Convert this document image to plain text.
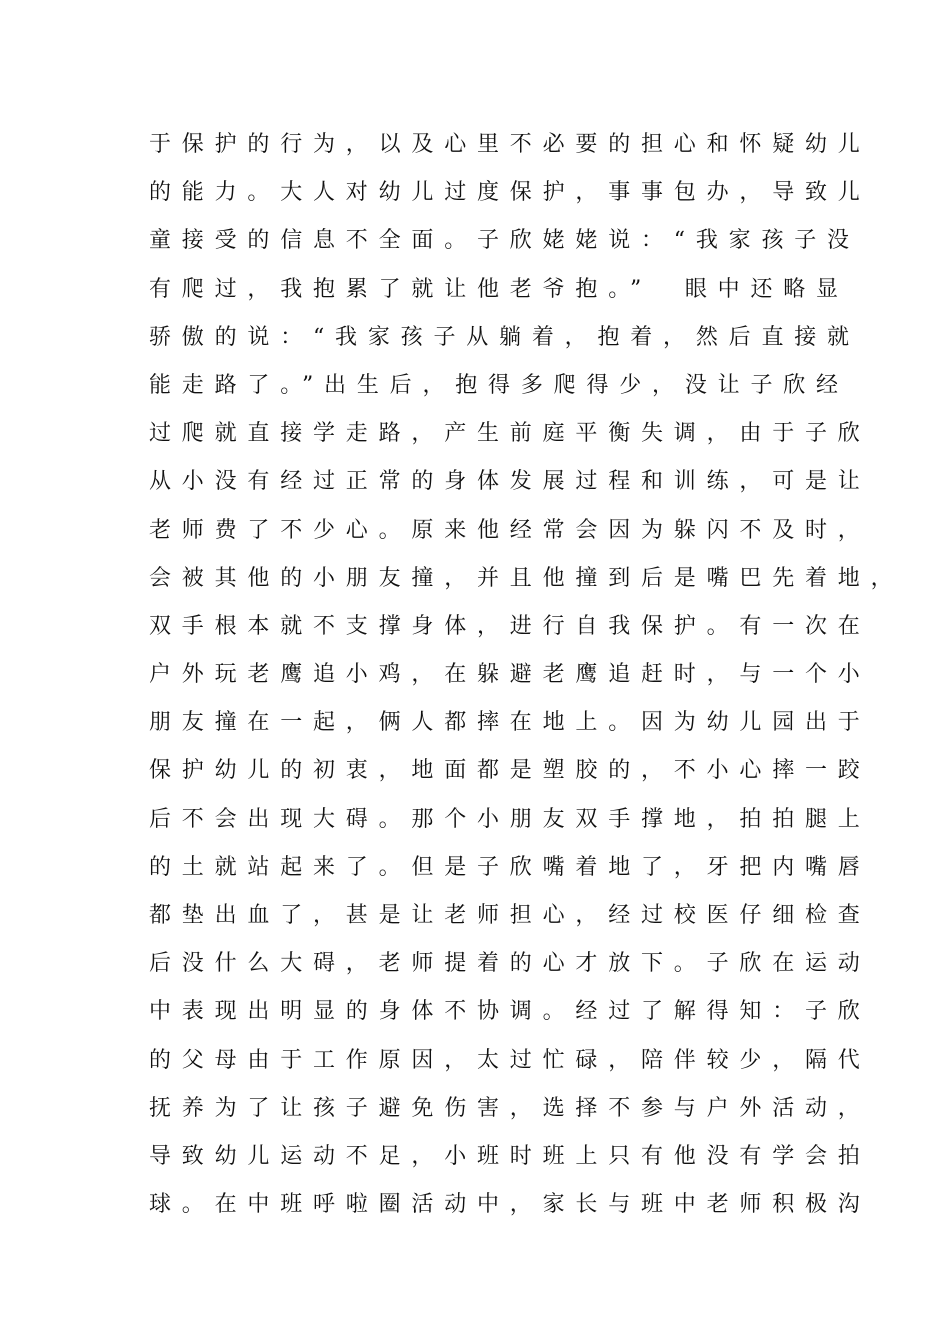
于保护的行为，以及心里不必要的担心和怀疑幼儿
的能力。大人对幼儿过度保护，事事包办，导致儿
童接受的信息不全面。子欣姥姥说：“我家孩子没
有爬过，我抱累了就让他老爷抱。”　眼中还略显
骄傲的说：“我家孩子从躺着，抱着，然后直接就
能走路了。”出生后，抱得多爬得少，没让子欣经
过爬就直接学走路，产生前庭平衡失调，由于子欣
从小没有经过正常的身体发展过程和训练，可是让
老师费了不少心。原来他经常会因为躲闪不及时，
会被其他的小朋友撞，并且他撞到后是嘴巴先着地，
双手根本就不支撑身体，进行自我保护。有一次在
户外玩老鹰追小鸡，在躲避老鹰追赶时，与一个小
朋友撞在一起，俩人都摔在地上。因为幼儿园出于
保护幼儿的初衷，地面都是塑胶的，不小心摔一跤
后不会出现大碍。那个小朋友双手撑地，拍拍腿上
的土就站起来了。但是子欣嘴着地了，牙把内嘴唇
都垫出血了，甚是让老师担心，经过校医仔细检查
后没什么大碍，老师提着的心才放下。子欣在运动
中表现出明显的身体不协调。经过了解得知：子欣
的父母由于工作原因，太过忙碌，陪伴较少，隔代
抚养为了让孩子避免伤害，选择不参与户外活动，
导致幼儿运动不足，小班时班上只有他没有学会拍
球。在中班呼啦圈活动中，家长与班中老师积极沟
